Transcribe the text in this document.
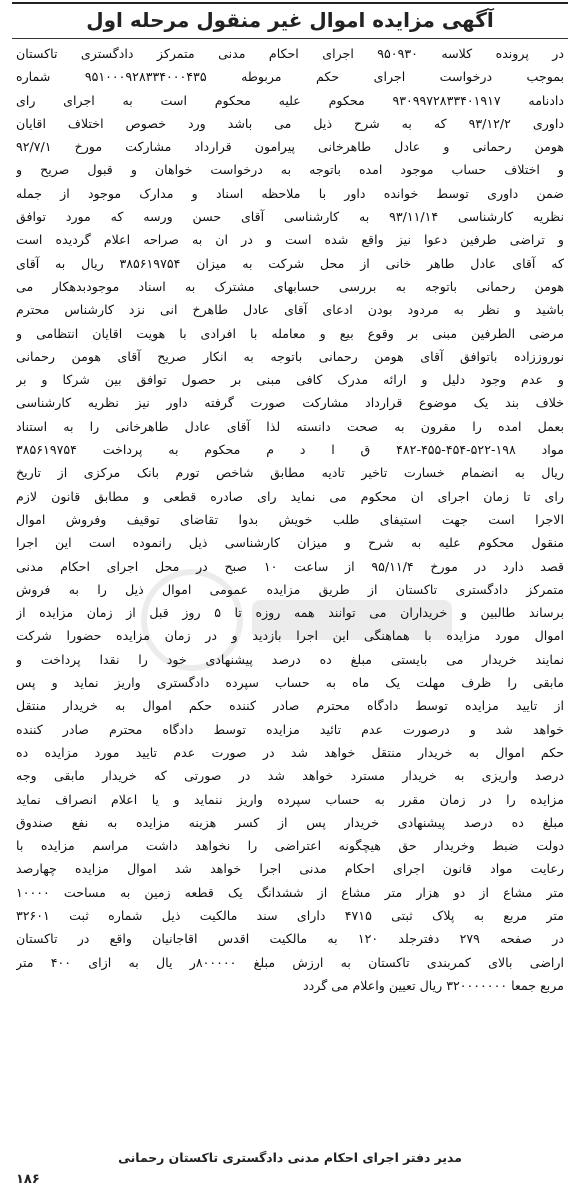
آگهی مزایده اموال غیر منقول مرحله اول
در پرونده کلاسه ۹۵۰۹۳۰ اجرای احکام مدنی متمرکز دادگستری تاکستان
بموجب درخواست اجرای حکم مربوطه ۹۵۱۰۰۰۹۲۸۳۳۴۰۰۰۴۳۵ شماره
دادنامه ۹۳۰۹۹۷۲۸۳۳۴۰۱۹۱۷ محکوم علیه محکوم است به اجرای رای
داوری ۹۳/۱۲/۲ که به شرح ذیل می باشد ورد خصوص اختلاف اقایان
هومن رحمانی و عادل طاهرخانی پیرامون قرارداد مشارکت مورخ ۹۲/۷/۱
و اختلاف حساب موجود امده باتوجه به درخواست خواهان و قبول صریح و
ضمن داوری توسط خوانده داور با ملاحظه اسناد و مدارک موجود از جمله
نظریه کارشناسی ۹۳/۱۱/۱۴ به کارشناسی آقای حسن ورسه که مورد توافق
و تراضی طرفین دعوا نیز واقع شده است و در ان به صراحه اعلام گردیده است
که آقای عادل طاهر خانی از محل شرکت به میزان ۳۸۵۶۱۹۷۵۴ ریال به آقای
هومن رحمانی باتوجه به بررسی حسابهای مشترک به اسناد موجودبدهکار می
باشید و نظر به مردود بودن ادعای آقای عادل طاهرخ انی نزد کارشناس محترم
مرضی الطرفین مبنی بر وقوع بیع و معامله با افرادی با هویت اقایان انتظامی و
نوروززاده باتوافق آقای هومن رحمانی باتوجه به انکار صریح آقای هومن رحمانی
و عدم وجود دلیل و ارائه مدرک کافی مبنی بر حصول توافق بین شرکا و بر
خلاف بند یک موضوع قرارداد مشارکت صورت گرفته داور نیز نظریه کارشناسی
بعمل امده را مقرون به صحت دانسته لذا آقای عادل طاهرخانی را به استناد
مواد ۱۹۸-۵۲۲-۴۵۴-۴۵۵-۴۸۲ ق ا د م محکوم به پرداخت ۳۸۵۶۱۹۷۵۴
ریال به انضمام خسارت تاخیر تادیه مطابق شاخص تورم بانک مرکزی از تاریخ
رای تا زمان اجرای ان محکوم می نماید رای صادره قطعی و مطابق قانون لازم
الاجرا است جهت استیفای طلب خویش بدوا تقاضای توقیف وفروش اموال
منقول محکوم علیه به شرح و میزان کارشناسی ذیل رانموده است این اجرا
قصد دارد در مورخ ۹۵/۱۱/۴ از ساعت ۱۰ صبح در محل اجرای احکام مدنی
متمرکز دادگستری تاکستان از طریق مزایده عمومی اموال ذیل را به فروش
برساند طالبین و خریداران می توانند همه روزه تا ۵ روز قبل از زمان مزایده از
اموال مورد مزایده با هماهنگی این اجرا بازدید و در زمان مزایده حضورا شرکت
نمایند خریدار می بایستی مبلغ ده درصد پیشنهادی خود را نقدا پرداخت و
مابقی را ظرف مهلت یک ماه به حساب سپرده دادگستری واریز نماید و پس
از تایید مزایده توسط دادگاه محترم صادر کننده حکم اموال به خریدار منتقل
خواهد شد و درصورت عدم تائید مزایده توسط دادگاه محترم صادر کننده
حکم اموال به خریدار منتقل خواهد شد در صورت عدم تایید مورد مزایده ده
درصد واریزی به خریدار مسترد خواهد شد در صورتی که خریدار مابقی وجه
مزایده را در زمان مقرر به حساب سپرده واریز ننماید و یا اعلام انصراف نماید
مبلغ ده درصد پیشنهادی خریدار پس از کسر هزینه مزایده به نفع صندوق
دولت ضبط وخریدار حق هیچگونه اعتراضی را نخواهد داشت مراسم مزایده با
رعایت مواد قانون اجرای احکام مدنی اجرا خواهد شد اموال مزایده چهارصد
متر مشاع از دو هزار متر مشاع از ششدانگ یک قطعه زمین به مساحت ۱۰۰۰۰
متر مربع به پلاک ثبتی ۴۷۱۵ دارای سند مالکیت ذیل شماره ثبت ۳۲۶۰۱
در صفحه ۲۷۹ دفترجلد ۱۲۰ به مالکیت اقدس اقاجانیان واقع در تاکستان
اراضی بالای کمربندی تاکستان به ارزش مبلغ ۸۰۰۰۰۰ر یال به ازای ۴۰۰ متر
مربع جمعا ۳۲۰۰۰۰۰۰۰ ریال تعیین واعلام می گردد
مدیر دفتر اجرای احکام مدنی دادگستری تاکستان رحمانی
۱۸۶
